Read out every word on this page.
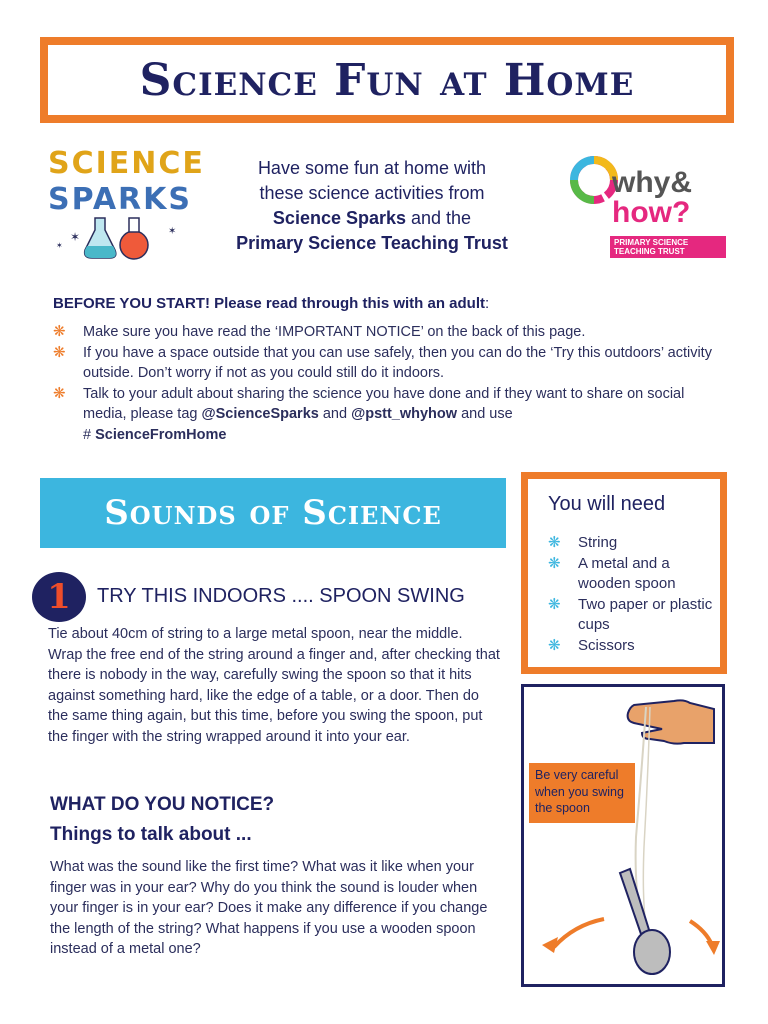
Science Fun at Home
SCIENCE
SPARKS
✶	✶
✶
Have some fun at home with
these science activities from
Science Sparks and the
Primary Science Teaching Trust
why&
how?
PRIMARY SCIENCE
TEACHING TRUST
BEFORE YOU START! Please read through this with an adult:
❋ Make sure you have read the ‘IMPORTANT NOTICE’ on the back of this page.
❋ If you have a space outside that you can use safely, then you can do the ‘Try this outdoors’ activity outside. Don’t worry if not as you could still do it indoors.
❋ Talk to your adult about sharing the science you have done and if they want to share on social media, please tag @ScienceSparks and @pstt_whyhow and use
# ScienceFromHome
Sounds of Science	You will need
❋ String
❋ A metal and a wooden spoon
❋ Two paper or plastic cups
❋ Scissors
1	TRY THIS INDOORS .... SPOON SWING
Tie about 40cm of string to a large metal spoon, near the middle. Wrap the free end of the string around a finger and, after checking that there is nobody in the way, carefully swing the spoon so that it hits against something hard, like the edge of a table, or a door. Then do the same thing again, but this time, before you swing the spoon, put the finger with the string wrapped around it into your ear.
WHAT DO YOU NOTICE?
Things to talk about ...
What was the sound like the first time? What was it like when your finger was in your ear? Why do you think the sound is louder when your finger is in your ear? Does it make any difference if you change the length of the string? What happens if you use a wooden spoon instead of a metal one?
Be very careful when you swing the spoon
